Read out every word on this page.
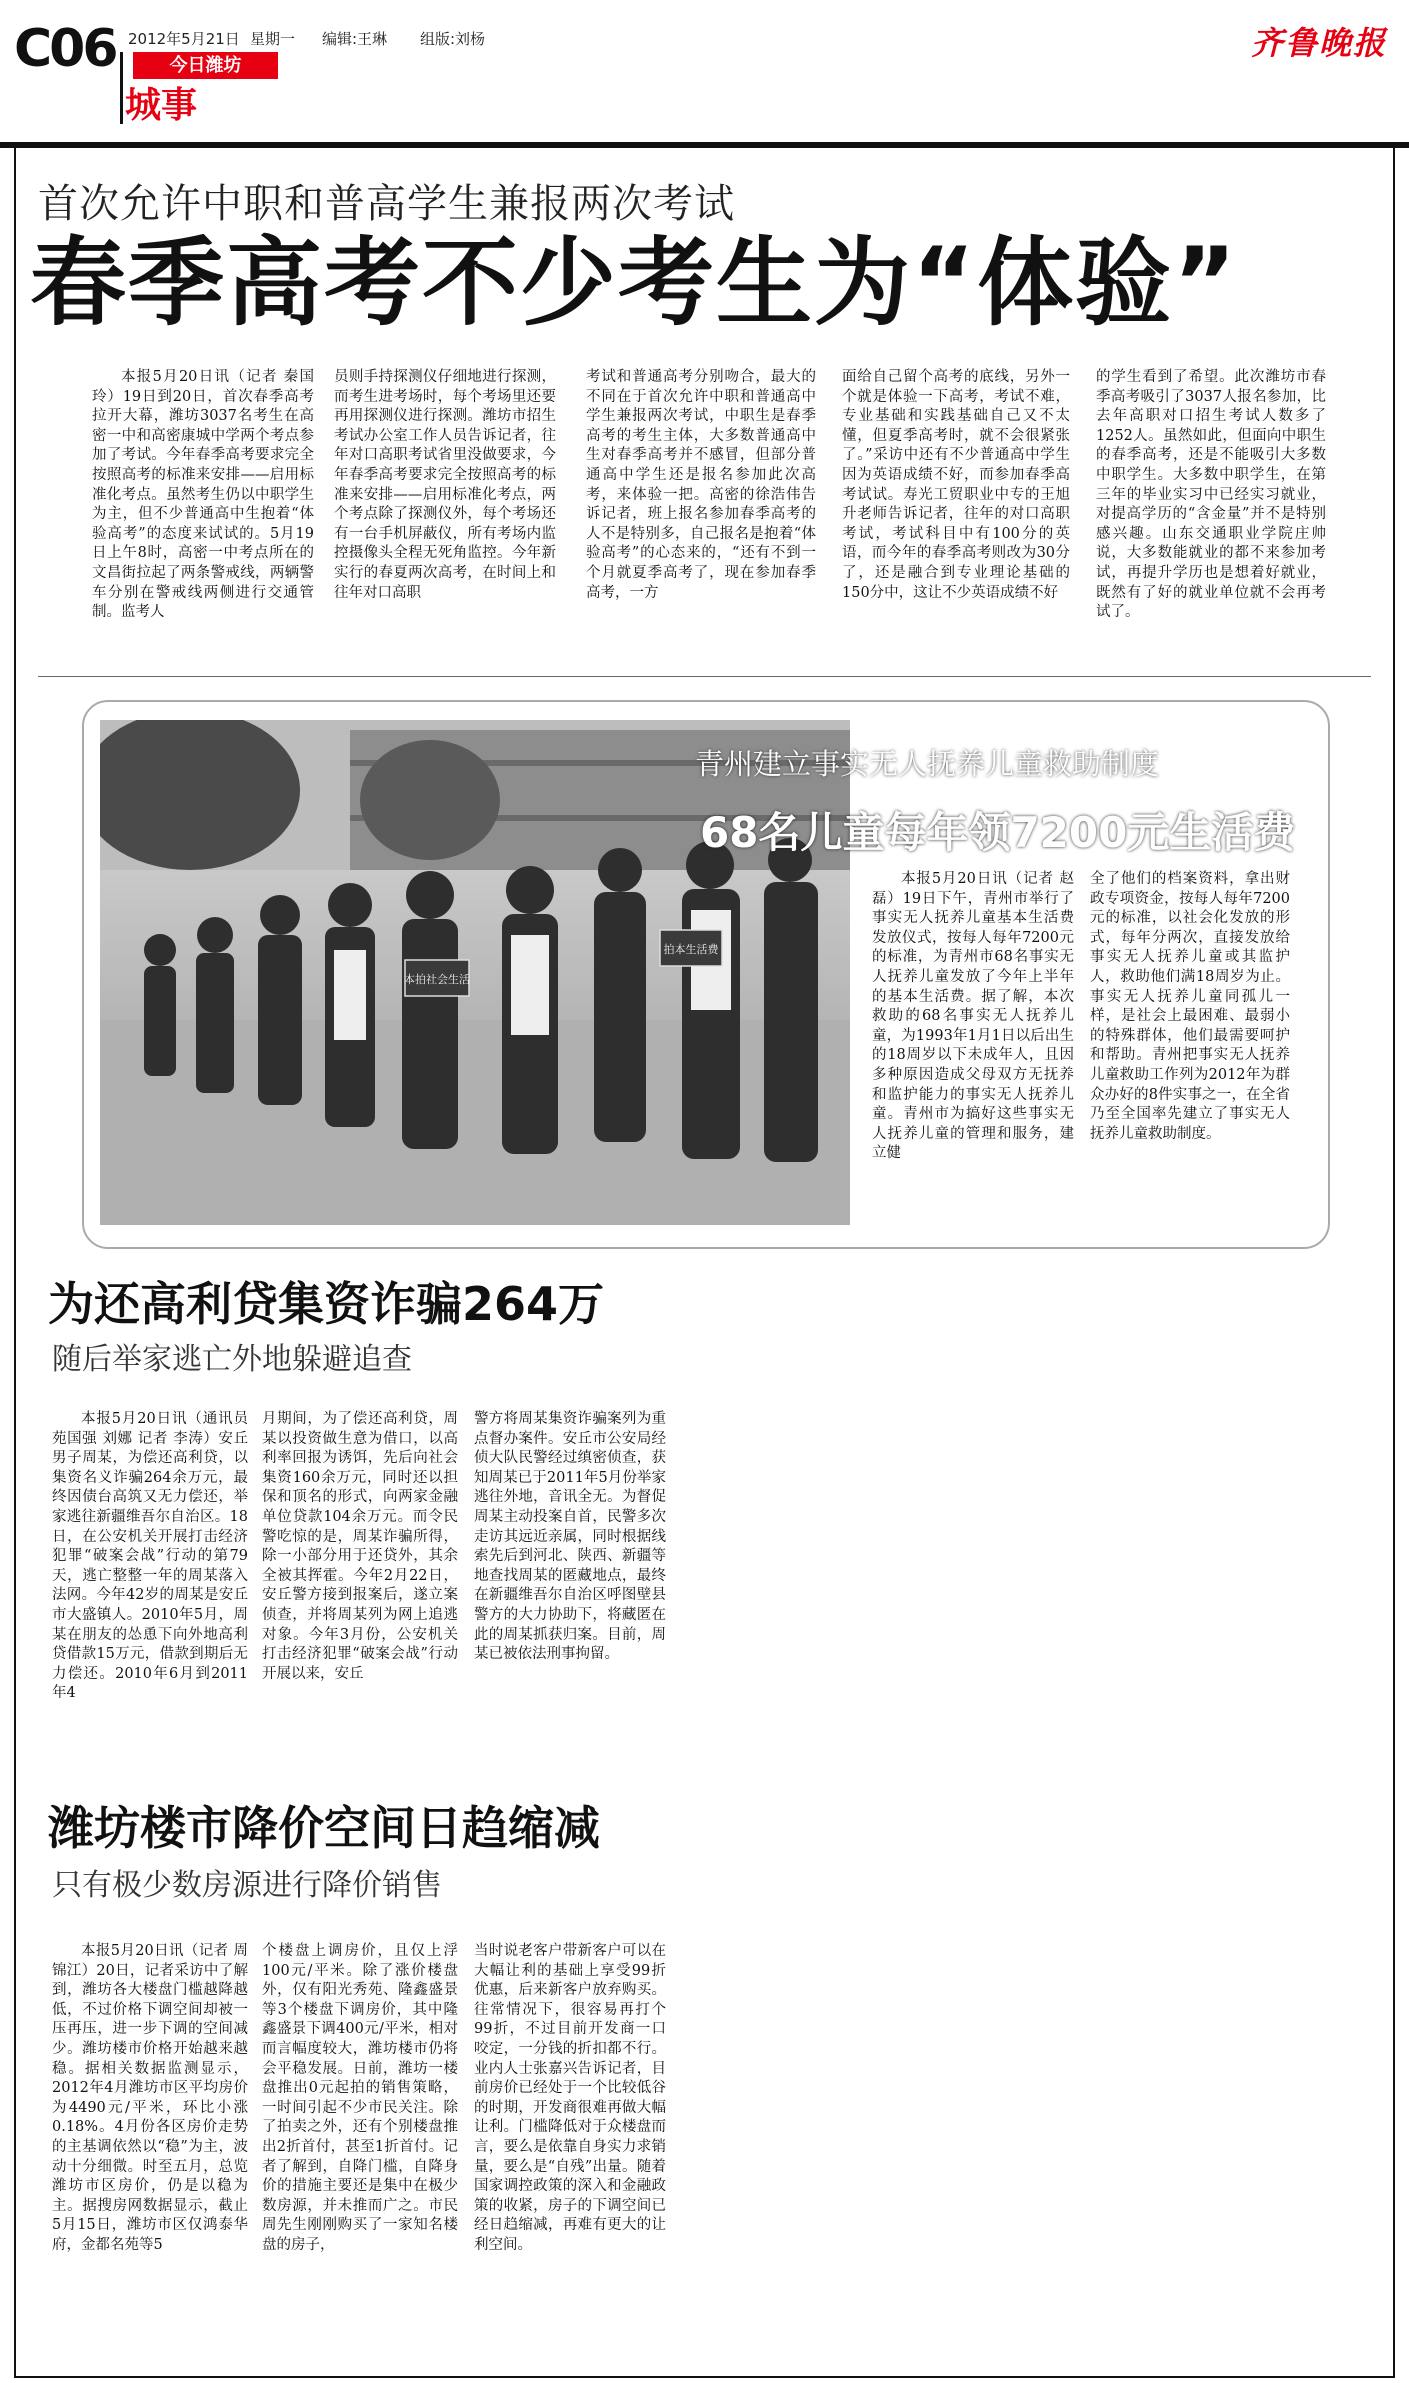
C06 2012年5月21日 星期一 编辑:王琳 组版:刘杨
今日潍坊
城事
齐鲁晚报
首次允许中职和普高学生兼报两次考试
春季高考不少考生为“体验”

本报5月20日讯（记者 秦国玲）19日到20日，首次春季高考拉开大幕，潍坊3037名考生在高密一中和高密康城中学两个考点参加了考试。今年春季高考要求完全按照高考的标准来安排——启用标准化考点。虽然考生仍以中职学生为主，但不少普通高中生抱着“体验高考”的态度来试试的。5月19日上午8时，高密一中考点所在的文昌街拉起了两条警戒线，两辆警车分别在警戒线两侧进行交通管制。监考人

员则手持探测仪仔细地进行探测，而考生进考场时，每个考场里还要再用探测仪进行探测。潍坊市招生考试办公室工作人员告诉记者，往年对口高职考试省里没做要求，今年春季高考要求完全按照高考的标准来安排——启用标准化考点，两个考点除了探测仪外，每个考场还有一台手机屏蔽仪，所有考场内监控摄像头全程无死角监控。今年新实行的春夏两次高考，在时间上和往年对口高职

考试和普通高考分别吻合，最大的不同在于首次允许中职和普通高中学生兼报两次考试，中职生是春季高考的考生主体，大多数普通高中生对春季高考并不感冒，但部分普通高中学生还是报名参加此次高考，来体验一把。高密的徐浩伟告诉记者，班上报名参加春季高考的人不是特别多，自己报名是抱着“体验高考”的心态来的，“还有不到一个月就夏季高考了，现在参加春季高考，一方

面给自己留个高考的底线，另外一个就是体验一下高考，考试不难，专业基础和实践基础自己又不太懂，但夏季高考时，就不会很紧张了。”采访中还有不少普通高中学生因为英语成绩不好，而参加春季高考试试。寿光工贸职业中专的王旭升老师告诉记者，往年的对口高职考试，考试科目中有100分的英语，而今年的春季高考则改为30分了，还是融合到专业理论基础的150分中，这让不少英语成绩不好

的学生看到了希望。此次潍坊市春季高考吸引了3037人报名参加，比去年高职对口招生考试人数多了1252人。虽然如此，但面向中职生的春季高考，还是不能吸引大多数中职学生。大多数中职学生，在第三年的毕业实习中已经实习就业，对提高学历的“含金量”并不是特别感兴趣。山东交通职业学院庄帅说，大多数能就业的都不来参加考试，再提升学历也是想着好就业，既然有了好的就业单位就不会再考试了。

本拍社会生活
拍本生活费
青州建立事实无人抚养儿童救助制度
68名儿童每年领7200元生活费

本报5月20日讯（记者 赵磊）19日下午，青州市举行了事实无人抚养儿童基本生活费发放仪式，按每人每年7200元的标准，为青州市68名事实无人抚养儿童发放了今年上半年的基本生活费。据了解，本次救助的68名事实无人抚养儿童，为1993年1月1日以后出生的18周岁以下未成年人，且因多种原因造成父母双方无抚养和监护能力的事实无人抚养儿童。青州市为搞好这些事实无人抚养儿童的管理和服务，建立健

全了他们的档案资料，拿出财政专项资金，按每人每年7200元的标准，以社会化发放的形式，每年分两次，直接发放给事实无人抚养儿童或其监护人，救助他们满18周岁为止。事实无人抚养儿童同孤儿一样，是社会上最困难、最弱小的特殊群体，他们最需要呵护和帮助。青州把事实无人抚养儿童救助工作列为2012年为群众办好的8件实事之一，在全省乃至全国率先建立了事实无人抚养儿童救助制度。

为还高利贷集资诈骗264万
随后举家逃亡外地躲避追查

本报5月20日讯（通讯员 苑国强 刘娜 记者 李涛）安丘男子周某，为偿还高利贷，以集资名义诈骗264余万元，最终因债台高筑又无力偿还，举家逃往新疆维吾尔自治区。18日，在公安机关开展打击经济犯罪“破案会战”行动的第79天，逃亡整整一年的周某落入法网。今年42岁的周某是安丘市大盛镇人。2010年5月，周某在朋友的怂恿下向外地高利贷借款15万元，借款到期后无力偿还。2010年6月到2011年4

月期间，为了偿还高利贷，周某以投资做生意为借口，以高利率回报为诱饵，先后向社会集资160余万元，同时还以担保和顶名的形式，向两家金融单位贷款104余万元。而令民警吃惊的是，周某诈骗所得，除一小部分用于还贷外，其余全被其挥霍。今年2月22日，安丘警方接到报案后，遂立案侦查，并将周某列为网上追逃对象。今年3月份，公安机关打击经济犯罪“破案会战”行动开展以来，安丘

警方将周某集资诈骗案列为重点督办案件。安丘市公安局经侦大队民警经过缜密侦查，获知周某已于2011年5月份举家逃往外地，音讯全无。为督促周某主动投案自首，民警多次走访其远近亲属，同时根据线索先后到河北、陕西、新疆等地查找周某的匿藏地点，最终在新疆维吾尔自治区呼图壁县警方的大力协助下，将藏匿在此的周某抓获归案。目前，周某已被依法刑事拘留。

潍坊楼市降价空间日趋缩减
只有极少数房源进行降价销售

本报5月20日讯（记者 周锦江）20日，记者采访中了解到，潍坊各大楼盘门槛越降越低，不过价格下调空间却被一压再压，进一步下调的空间减少。潍坊楼市价格开始越来越稳。据相关数据监测显示，2012年4月潍坊市区平均房价为4490元/平米，环比小涨0.18%。4月份各区房价走势的主基调依然以“稳”为主，波动十分细微。时至五月，总览潍坊市区房价，仍是以稳为主。据搜房网数据显示，截止5月15日，潍坊市区仅鸿泰华府，金都名苑等5

个楼盘上调房价，且仅上浮100元/平米。除了涨价楼盘外，仅有阳光秀苑、隆鑫盛景等3个楼盘下调房价，其中隆鑫盛景下调400元/平米，相对而言幅度较大，潍坊楼市仍将会平稳发展。日前，潍坊一楼盘推出0元起拍的销售策略，一时间引起不少市民关注。除了拍卖之外，还有个别楼盘推出2折首付，甚至1折首付。记者了解到，自降门槛，自降身价的措施主要还是集中在极少数房源，并未推而广之。市民周先生刚刚购买了一家知名楼盘的房子，

当时说老客户带新客户可以在大幅让利的基础上享受99折优惠，后来新客户放弃购买。往常情况下，很容易再打个99折，不过目前开发商一口咬定，一分钱的折扣都不行。业内人士张嘉兴告诉记者，目前房价已经处于一个比较低谷的时期，开发商很难再做大幅让利。门槛降低对于众楼盘而言，要么是依靠自身实力求销量，要么是“自残”出量。随着国家调控政策的深入和金融政策的收紧，房子的下调空间已经日趋缩减，再难有更大的让利空间。
